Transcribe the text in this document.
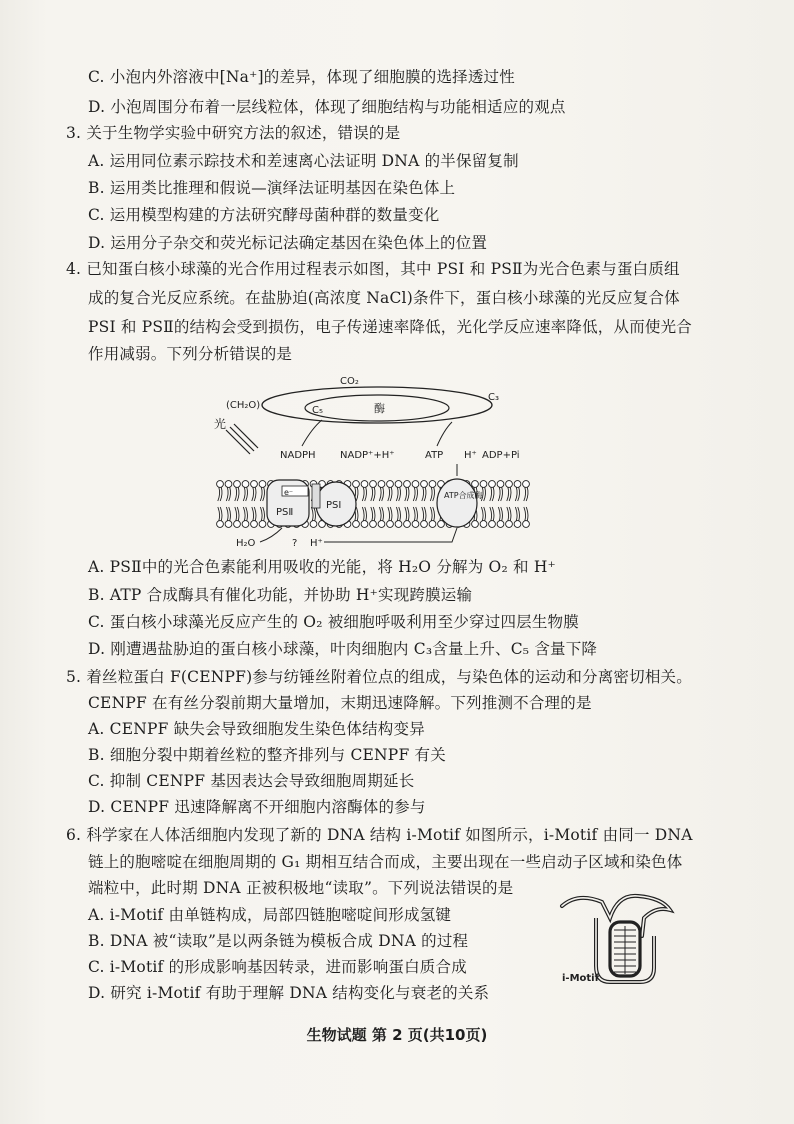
C. 小泡内外溶液中[Na⁺]的差异，体现了细胞膜的选择透过性
D. 小泡周围分布着一层线粒体，体现了细胞结构与功能相适应的观点
3. 关于生物学实验中研究方法的叙述，错误的是
A. 运用同位素示踪技术和差速离心法证明 DNA 的半保留复制
B. 运用类比推理和假说—演绎法证明基因在染色体上
C. 运用模型构建的方法研究酵母菌种群的数量变化
D. 运用分子杂交和荧光标记法确定基因在染色体上的位置
4. 已知蛋白核小球藻的光合作用过程表示如图，其中 PSI 和 PSⅡ为光合色素与蛋白质组
成的复合光反应系统。在盐胁迫(高浓度 NaCl)条件下，蛋白核小球藻的光反应复合体
PSI 和 PSⅡ的结构会受到损伤，电子传递速率降低，光化学反应速率降低，从而使光合
作用减弱。下列分析错误的是
CO₂
(CH₂O)	C₅
C₃
酶
光
NADPH NADP⁺+H⁺	ATP H⁺ ADP+Pi
e⁻
PSⅡ
PSⅠ
ATP合成酶
H₂O	? H⁺
A. PSⅡ中的光合色素能利用吸收的光能，将 H₂O 分解为 O₂ 和 H⁺
B. ATP 合成酶具有催化功能，并协助 H⁺实现跨膜运输
C. 蛋白核小球藻光反应产生的 O₂ 被细胞呼吸利用至少穿过四层生物膜
D. 刚遭遇盐胁迫的蛋白核小球藻，叶肉细胞内 C₃含量上升、C₅ 含量下降
5. 着丝粒蛋白 F(CENPF)参与纺锤丝附着位点的组成，与染色体的运动和分离密切相关。
CENPF 在有丝分裂前期大量增加，末期迅速降解。下列推测不合理的是
A. CENPF 缺失会导致细胞发生染色体结构变异
B. 细胞分裂中期着丝粒的整齐排列与 CENPF 有关
C. 抑制 CENPF 基因表达会导致细胞周期延长
D. CENPF 迅速降解离不开细胞内溶酶体的参与
6. 科学家在人体活细胞内发现了新的 DNA 结构 i-Motif 如图所示，i-Motif 由同一 DNA
链上的胞嘧啶在细胞周期的 G₁ 期相互结合而成，主要出现在一些启动子区域和染色体
端粒中，此时期 DNA 正被积极地“读取”。下列说法错误的是
A. i-Motif 由单链构成，局部四链胞嘧啶间形成氢键
B. DNA 被“读取”是以两条链为模板合成 DNA 的过程
C. i-Motif 的形成影响基因转录，进而影响蛋白质合成
D. 研究 i-Motif 有助于理解 DNA 结构变化与衰老的关系
i-Motif
生物试题 第 2 页(共10页)
